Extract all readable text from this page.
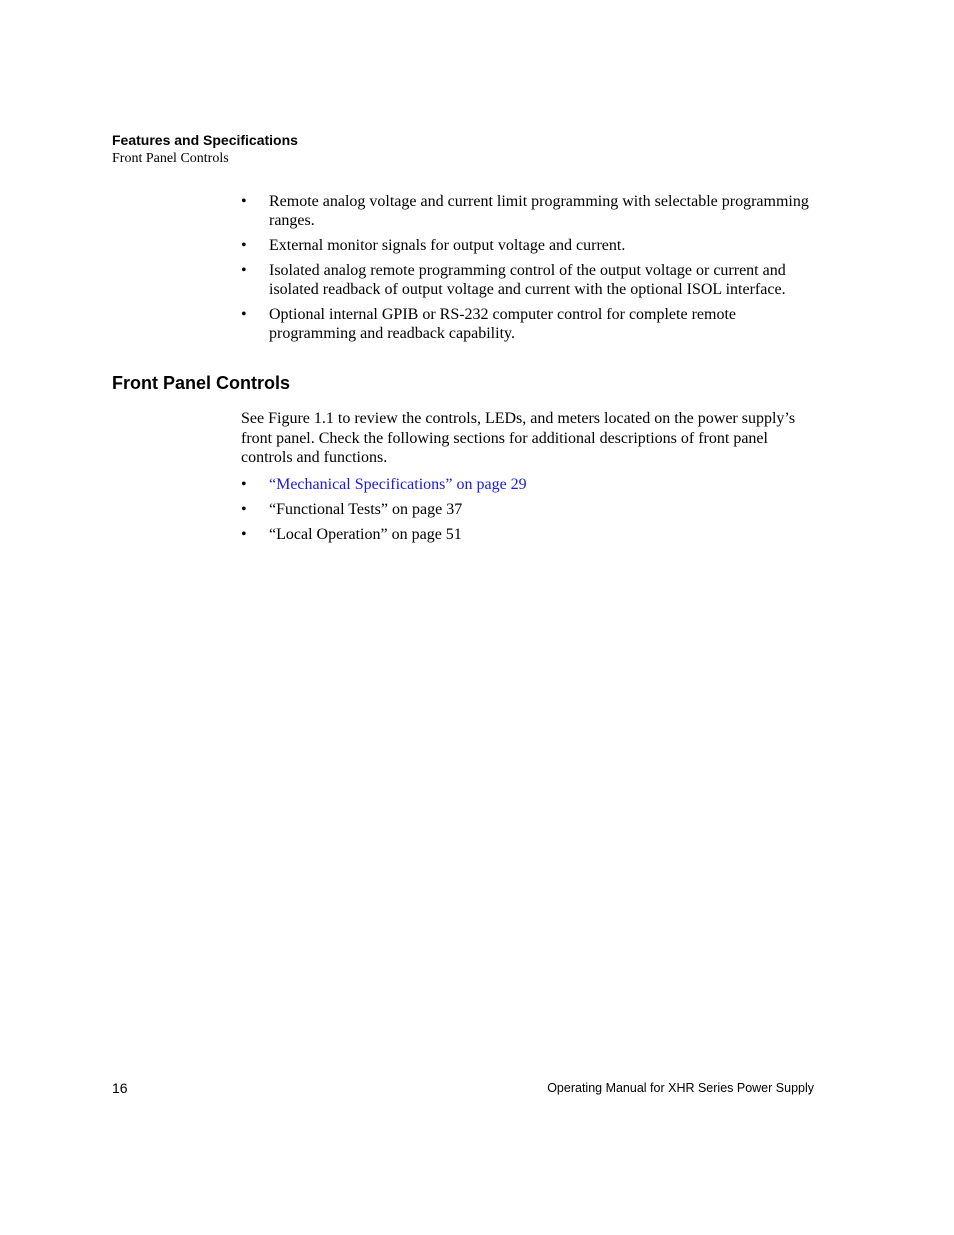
Features and Specifications
Front Panel Controls
• Remote analog voltage and current limit programming with selectable programming ranges.
• External monitor signals for output voltage and current.
• Isolated analog remote programming control of the output voltage or current and isolated readback of output voltage and current with the optional ISOL interface.
• Optional internal GPIB or RS-232 computer control for complete remote programming and readback capability.
Front Panel Controls

See Figure 1.1 to review the controls, LEDs, and meters located on the power supply’s front panel. Check the following sections for additional descriptions of front panel controls and functions.

• “Mechanical Specifications” on page 29
• “Functional Tests” on page 37
• “Local Operation” on page 51
16	Operating Manual for XHR Series Power Supply
